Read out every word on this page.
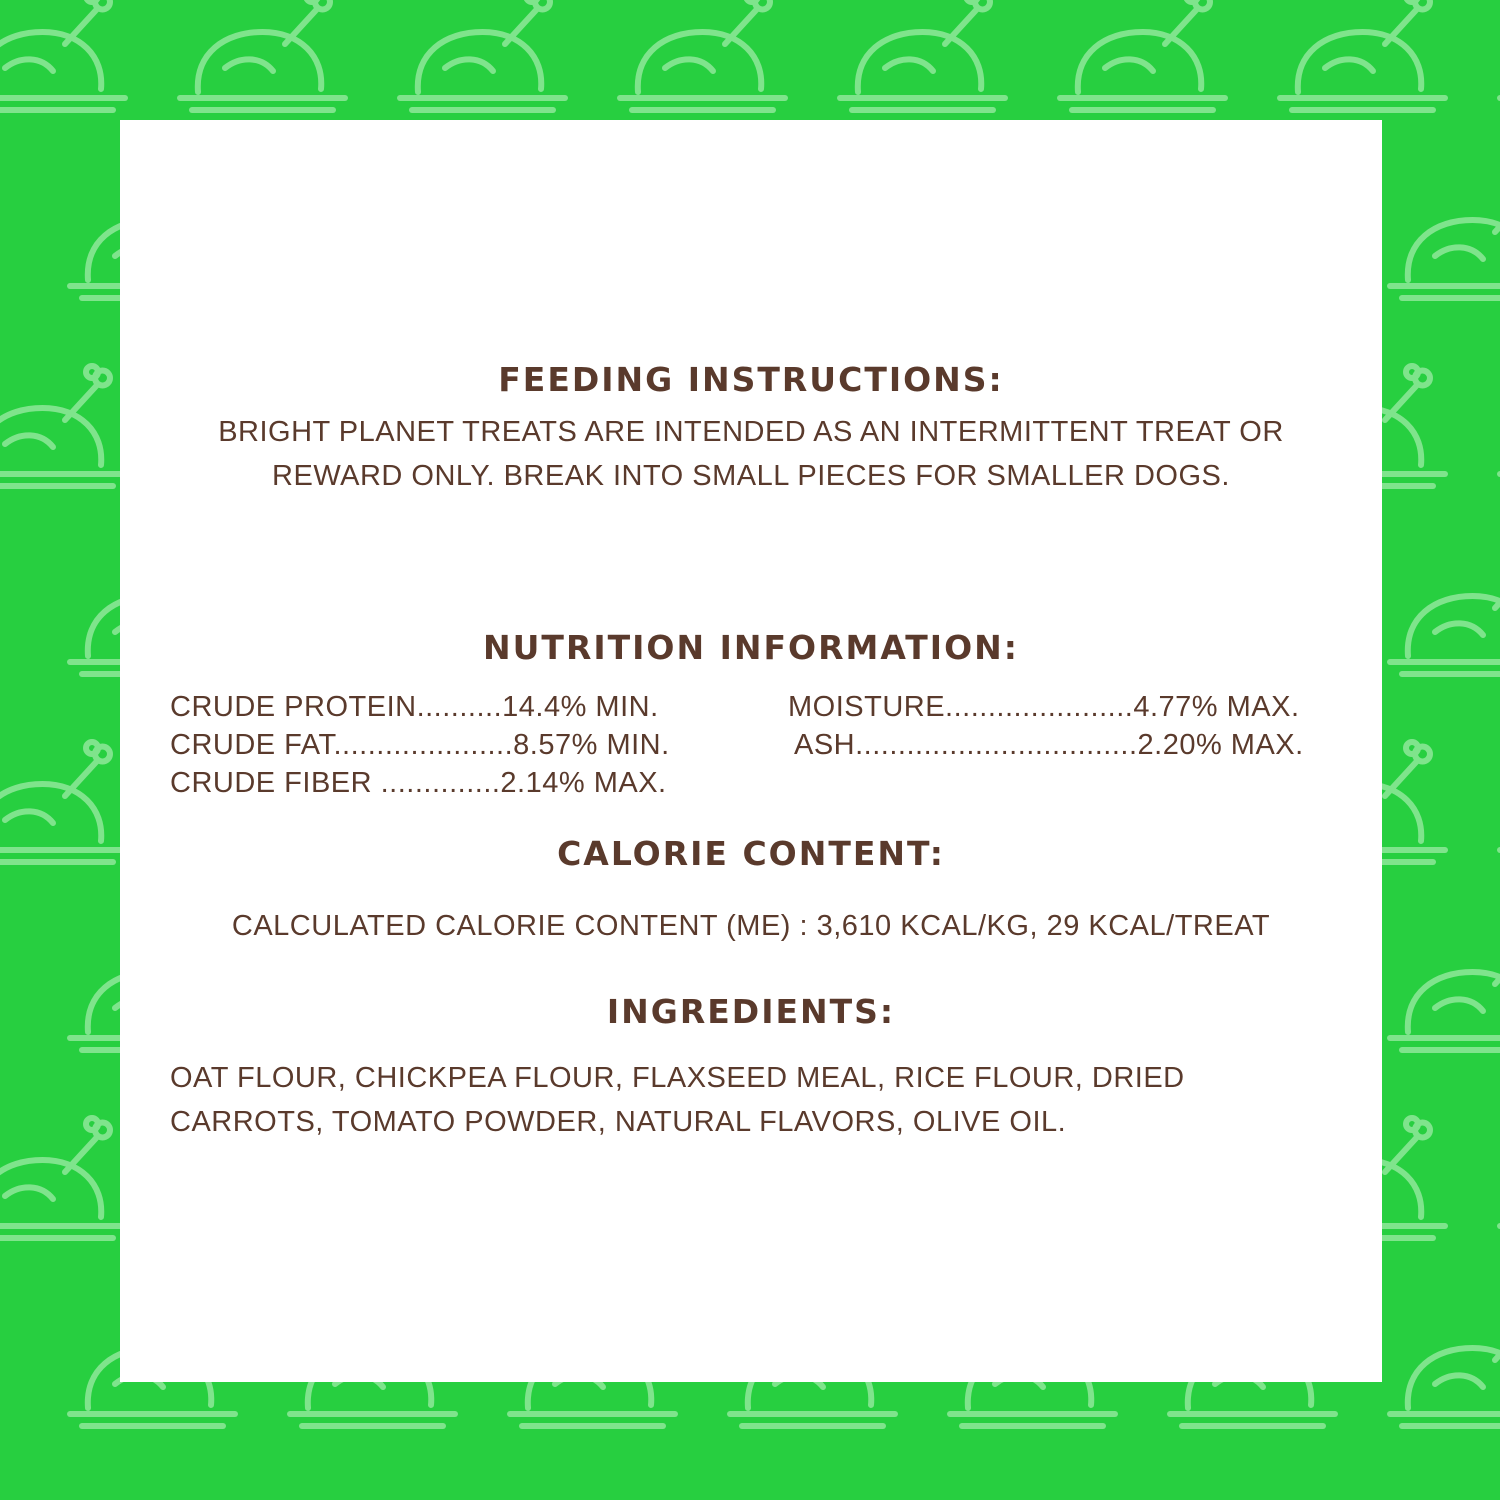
FEEDING INSTRUCTIONS:

BRIGHT PLANET TREATS ARE INTENDED AS AN INTERMITTENT TREAT OR

REWARD ONLY. BREAK INTO SMALL PIECES FOR SMALLER DOGS.

NUTRITION INFORMATION:
CRUDE PROTEIN..........14.4% MIN.
CRUDE FAT.....................8.57% MIN.
CRUDE FIBER ..............2.14% MAX.
MOISTURE......................4.77% MAX.
ASH.................................2.20% MAX.
CALORIE CONTENT:

CALCULATED CALORIE CONTENT (ME) : 3,610 KCAL/KG, 29 KCAL/TREAT

INGREDIENTS:

OAT FLOUR, CHICKPEA FLOUR, FLAXSEED MEAL, RICE FLOUR, DRIED

CARROTS, TOMATO POWDER, NATURAL FLAVORS, OLIVE OIL.
